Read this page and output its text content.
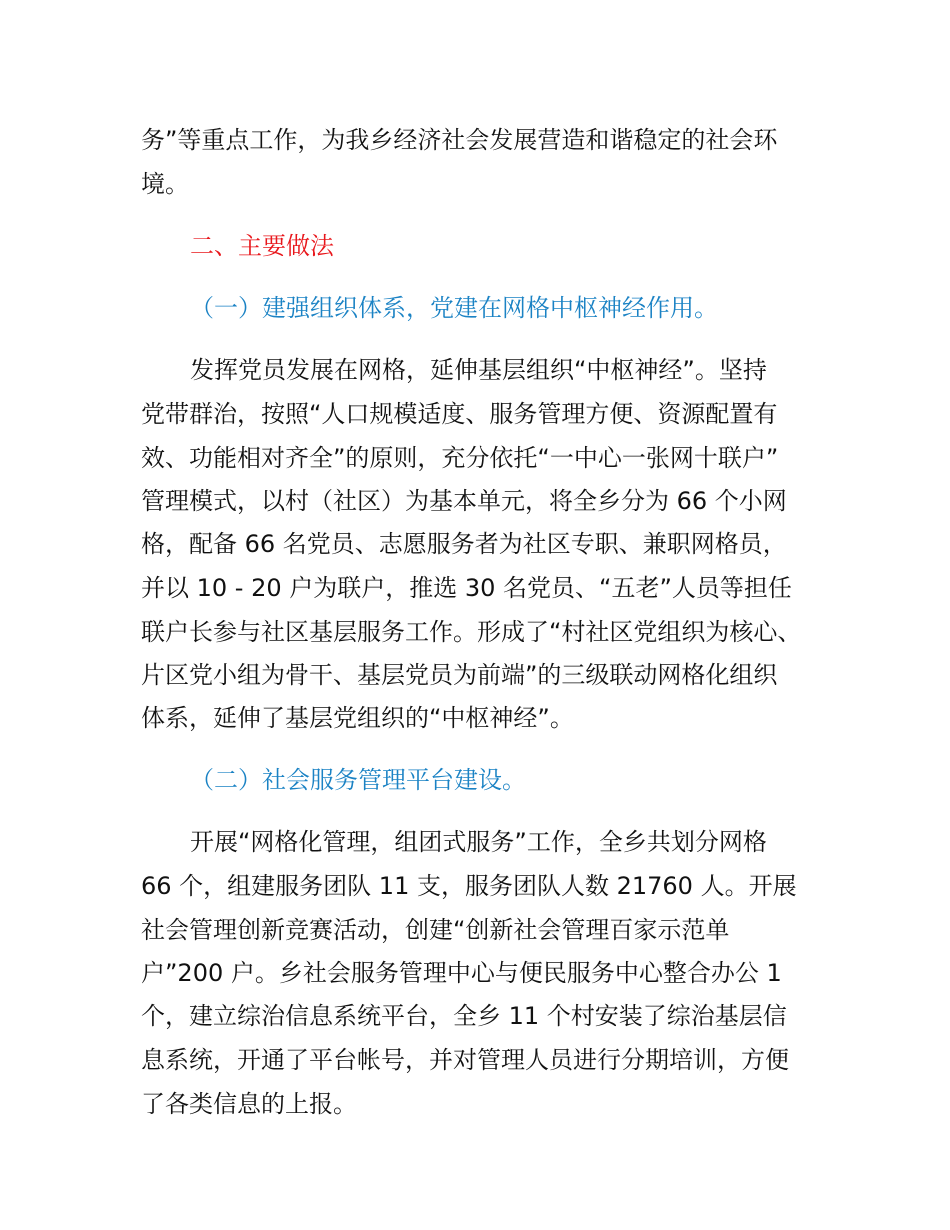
务”等重点工作，为我乡经济社会发展营造和谐稳定的社会环
境。
二、主要做法
（一）建强组织体系，党建在网格中枢神经作用。
发挥党员发展在网格，延伸基层组织“中枢神经”。坚持
党带群治，按照“人口规模适度、服务管理方便、资源配置有
效、功能相对齐全”的原则，充分依托“一中心一张网十联户”
管理模式，以村（社区）为基本单元，将全乡分为 66 个小网
格，配备 66 名党员、志愿服务者为社区专职、兼职网格员，
并以 10 - 20 户为联户，推选 30 名党员、“五老”人员等担任
联户长参与社区基层服务工作。形成了“村社区党组织为核心、
片区党小组为骨干、基层党员为前端”的三级联动网格化组织
体系，延伸了基层党组织的“中枢神经”。
（二）社会服务管理平台建设。
开展“网格化管理，组团式服务”工作，全乡共划分网格
66 个，组建服务团队 11 支，服务团队人数 21760 人。开展
社会管理创新竞赛活动，创建“创新社会管理百家示范单
户”200 户。乡社会服务管理中心与便民服务中心整合办公 1
个，建立综治信息系统平台，全乡 11 个村安装了综治基层信
息系统，开通了平台帐号，并对管理人员进行分期培训，方便
了各类信息的上报。
